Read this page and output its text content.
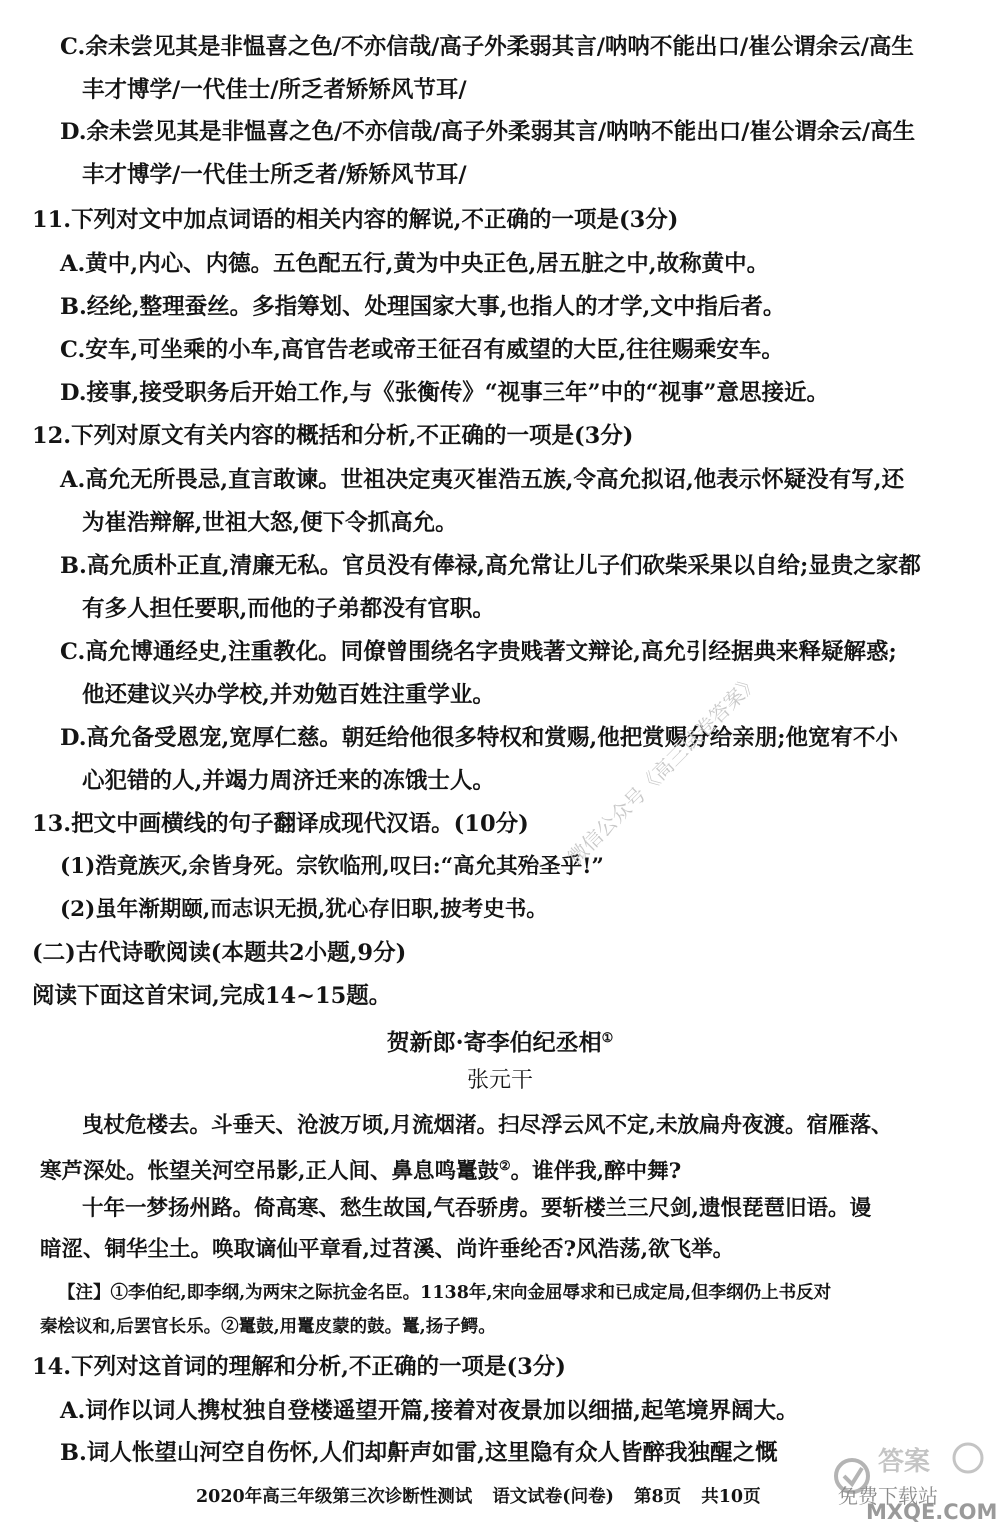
C.余未尝见其是非愠喜之色/不亦信哉/高子外柔弱其言/呐呐不能出口/崔公谓余云/高生
丰才博学/一代佳士/所乏者矫矫风节耳/
D.余未尝见其是非愠喜之色/不亦信哉/高子外柔弱其言/呐呐不能出口/崔公谓余云/高生
丰才博学/一代佳士所乏者/矫矫风节耳/
11.下列对文中加点词语的相关内容的解说,不正确的一项是(3分)
A.黄中,内心、内德。五色配五行,黄为中央正色,居五脏之中,故称黄中。
B.经纶,整理蚕丝。多指筹划、处理国家大事,也指人的才学,文中指后者。
C.安车,可坐乘的小车,高官告老或帝王征召有威望的大臣,往往赐乘安车。
D.接事,接受职务后开始工作,与《张衡传》“视事三年”中的“视事”意思接近。
12.下列对原文有关内容的概括和分析,不正确的一项是(3分)
A.高允无所畏忌,直言敢谏。世祖决定夷灭崔浩五族,令高允拟诏,他表示怀疑没有写,还
为崔浩辩解,世祖大怒,便下令抓高允。
B.高允质朴正直,清廉无私。官员没有俸禄,高允常让儿子们砍柴采果以自给;显贵之家都
有多人担任要职,而他的子弟都没有官职。
C.高允博通经史,注重教化。同僚曾围绕名字贵贱著文辩论,高允引经据典来释疑解惑;
他还建议兴办学校,并劝勉百姓注重学业。
D.高允备受恩宠,宽厚仁慈。朝廷给他很多特权和赏赐,他把赏赐分给亲朋;他宽宥不小
心犯错的人,并竭力周济迁来的冻饿士人。
13.把文中画横线的句子翻译成现代汉语。(10分)
(1)浩竟族灭,余皆身死。宗钦临刑,叹曰:“高允其殆圣乎!”
(2)虽年渐期颐,而志识无损,犹心存旧职,披考史书。
(二)古代诗歌阅读(本题共2小题,9分)
阅读下面这首宋词,完成14~15题。
贺新郎·寄李伯纪丞相①
张元干
曳杖危楼去。斗垂天、沧波万顷,月流烟渚。扫尽浮云风不定,未放扁舟夜渡。宿雁落、
寒芦深处。怅望关河空吊影,正人间、鼻息鸣鼍鼓②。谁伴我,醉中舞?
十年一梦扬州路。倚高寒、愁生故国,气吞骄虏。要斩楼兰三尺剑,遗恨琵琶旧语。谩
暗涩、铜华尘土。唤取谪仙平章看,过苕溪、尚许垂纶否?风浩荡,欲飞举。
【注】①李伯纪,即李纲,为两宋之际抗金名臣。1138年,宋向金屈辱求和已成定局,但李纲仍上书反对
秦桧议和,后罢官长乐。②鼍鼓,用鼍皮蒙的鼓。鼍,扬子鳄。
14.下列对这首词的理解和分析,不正确的一项是(3分)
A.词作以词人携杖独自登楼遥望开篇,接着对夜景加以细描,起笔境界阔大。
B.词人怅望山河空自伤怀,人们却鼾声如雷,这里隐有众人皆醉我独醒之慨
2020年高三年级第三次诊断性测试 语文试卷(问卷) 第8页 共10页
微信公众号《高三试卷答案》
答案
免费下载站
MXQE.COM
